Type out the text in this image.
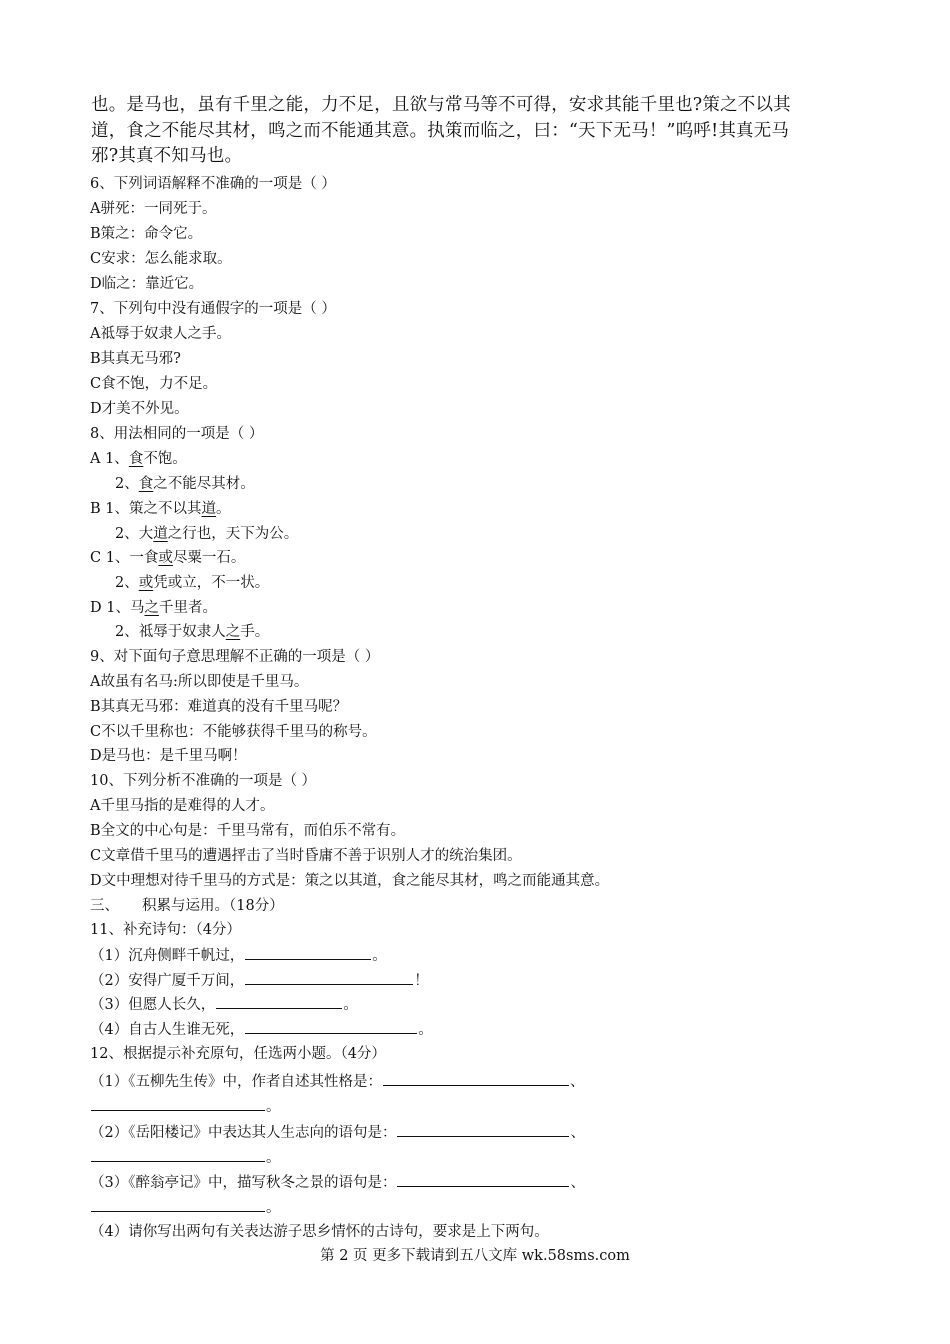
也。是马也，虽有千里之能，力不足，且欲与常马等不可得，安求其能千里也?策之不以其

道，食之不能尽其材，鸣之而不能通其意。执策而临之，曰：“天下无马！”呜呼!其真无马

邪?其真不知马也。

6、下列词语解释不准确的一项是（ ）
A骈死：一同死于。
B策之：命令它。
C安求：怎么能求取。
D临之：靠近它。
7、下列句中没有通假字的一项是（ ）
A祗辱于奴隶人之手。
B其真无马邪?
C食不饱，力不足。
D才美不外见。
8、用法相同的一项是（ ）
A 1、食不饱。
2、食之不能尽其材。
B 1、策之不以其道。
2、大道之行也，天下为公。
C 1、一食或尽粟一石。
2、或凭或立，不一状。
D 1、马之千里者。
2、祗辱于奴隶人之手。
9、对下面句子意思理解不正确的一项是（ ）
A故虽有名马:所以即使是千里马。
B其真无马邪：难道真的没有千里马呢？
C不以千里称也：不能够获得千里马的称号。
D是马也：是千里马啊！
10、下列分析不准确的一项是（ ）
A千里马指的是难得的人才。
B全文的中心句是：千里马常有，而伯乐不常有。
C文章借千里马的遭遇抨击了当时昏庸不善于识别人才的统治集团。
D文中理想对待千里马的方式是：策之以其道，食之能尽其材，鸣之而能通其意。
三、     积累与运用。（18分）
11、补充诗句：（4分）
（1）沉舟侧畔千帆过，	。
（2）安得广厦千万间，	！
（3）但愿人长久，	。
（4）自古人生谁无死，	。
12、根据提示补充原句，任选两小题。（4分）
（1）《五柳先生传》中，作者自述其性格是：	、
。
（2）《岳阳楼记》中表达其人生志向的语句是：	、
。
（3）《醉翁亭记》中，描写秋冬之景的语句是：	、
。
（4）请你写出两句有关表达游子思乡情怀的古诗句，要求是上下两句。
第 2 页 更多下载请到五八文库 wk.58sms.com
